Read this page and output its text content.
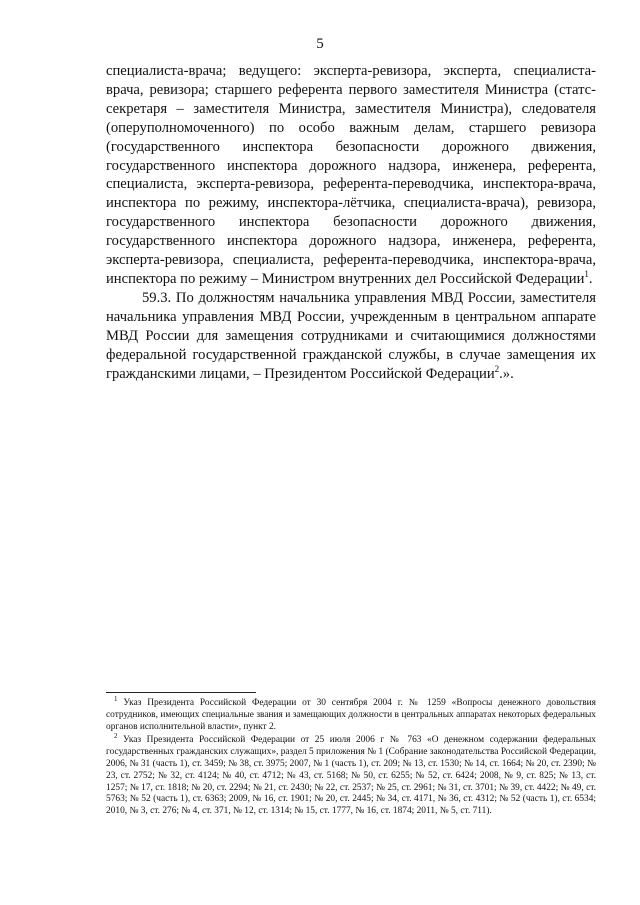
5

специалиста-врача; ведущего: эксперта-ревизора, эксперта, специалиста-врача, ревизора; старшего референта первого заместителя Министра (статс-секретаря – заместителя Министра, заместителя Министра), следователя (оперуполномоченного) по особо важным делам, старшего ревизора (государственного инспектора безопасности дорожного движения, государственного инспектора дорожного надзора, инженера, референта, специалиста, эксперта-ревизора, референта-переводчика, инспектора-врача, инспектора по режиму, инспектора-лётчика, специалиста-врача), ревизора, государственного инспектора безопасности дорожного движения, государственного инспектора дорожного надзора, инженера, референта, эксперта-ревизора, специалиста, референта-переводчика, инспектора-врача, инспектора по режиму – Министром внутренних дел Российской Федерации$^1$.

59.3. По должностям начальника управления МВД России, заместителя начальника управления МВД России, учрежденным в центральном аппарате МВД России для замещения сотрудниками и считающимися должностями федеральной государственной гражданской службы, в случае замещения их гражданскими лицами, – Президентом Российской Федерации$^2$.».

$^1$ Указ Президента Российской Федерации от 30 сентября 2004 г. № 1259 «Вопросы денежного довольствия сотрудников, имеющих специальные звания и замещающих должности в центральных аппаратах некоторых федеральных органов исполнительной власти», пункт 2.

$^2$ Указ Президента Российской Федерации от 25 июля 2006 г № 763 «О денежном содержании федеральных государственных гражданских служащих», раздел 5 приложения № 1 (Собрание законодательства Российской Федерации, 2006, № 31 (часть 1), ст. 3459; № 38, ст. 3975; 2007, № 1 (часть 1), ст. 209; № 13, ст. 1530; № 14, ст. 1664; № 20, ст. 2390; № 23, ст. 2752; № 32, ст. 4124; № 40, ст. 4712; № 43, ст. 5168; № 50, ст. 6255; № 52, ст. 6424; 2008, № 9, ст. 825; № 13, ст. 1257; № 17, ст. 1818; № 20, ст. 2294; № 21, ст. 2430; № 22, ст. 2537; № 25, ст. 2961; № 31, ст. 3701; № 39, ст. 4422; № 49, ст. 5763; № 52 (часть 1), ст. 6363; 2009, № 16, ст. 1901; № 20, ст. 2445; № 34, ст. 4171, № 36, ст. 4312; № 52 (часть 1), ст. 6534; 2010, № 3, ст. 276; № 4, ст. 371, № 12, ст. 1314; № 15, ст. 1777, № 16, ст. 1874; 2011, № 5, ст. 711).
